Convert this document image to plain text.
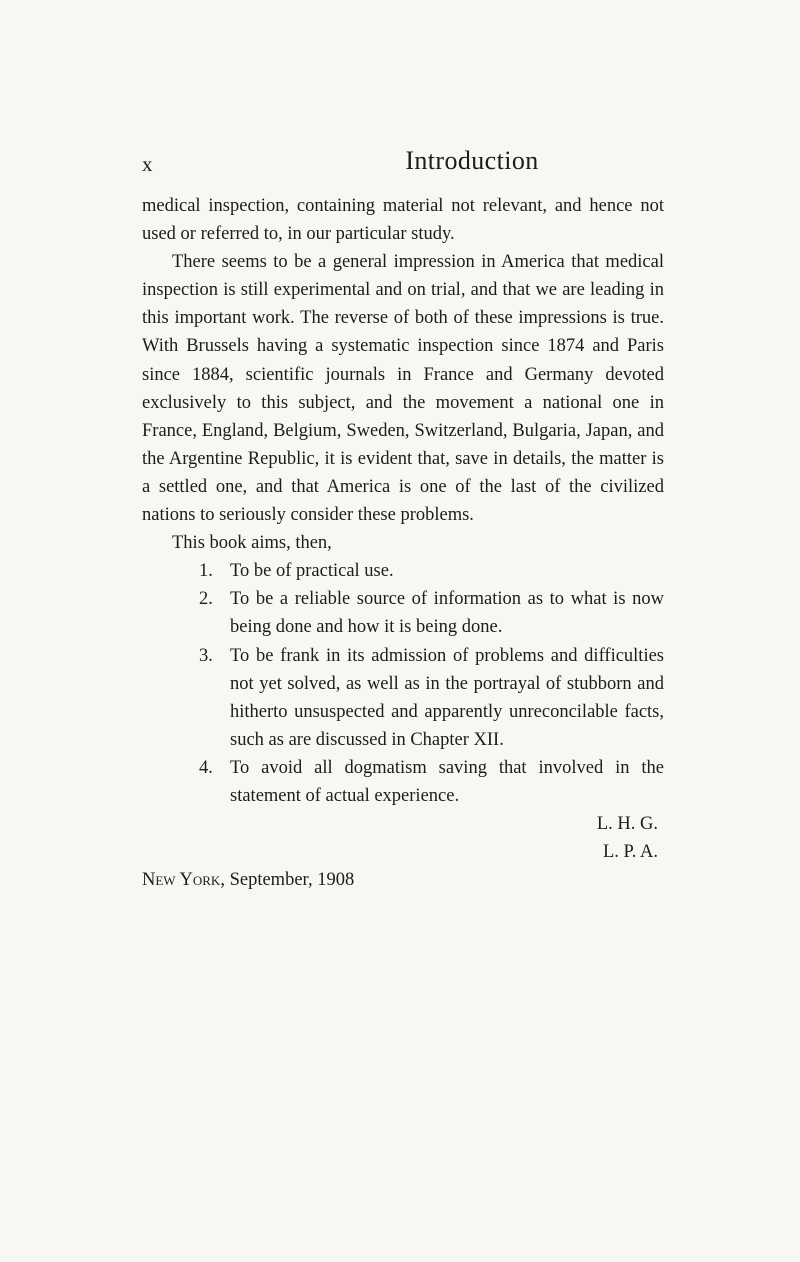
x	Introduction

medical inspection, containing material not relevant, and hence not used or referred to, in our particular study.

There seems to be a general impression in America that medical inspection is still experimental and on trial, and that we are leading in this important work. The reverse of both of these impressions is true. With Brussels having a systematic inspection since 1874 and Paris since 1884, scientific journals in France and Germany devoted exclusively to this subject, and the movement a national one in France, England, Belgium, Sweden, Switzerland, Bulgaria, Japan, and the Argentine Republic, it is evident that, save in details, the matter is a settled one, and that America is one of the last of the civilized nations to seriously consider these problems.

This book aims, then,

1. To be of practical use.
2. To be a reliable source of information as to what is now being done and how it is being done.
3. To be frank in its admission of problems and difficulties not yet solved, as well as in the portrayal of stubborn and hitherto unsuspected and apparently unreconcilable facts, such as are discussed in Chapter XII.
4. To avoid all dogmatism saving that involved in the statement of actual experience.
L. H. G.
L. P. A.
New York, September, 1908
